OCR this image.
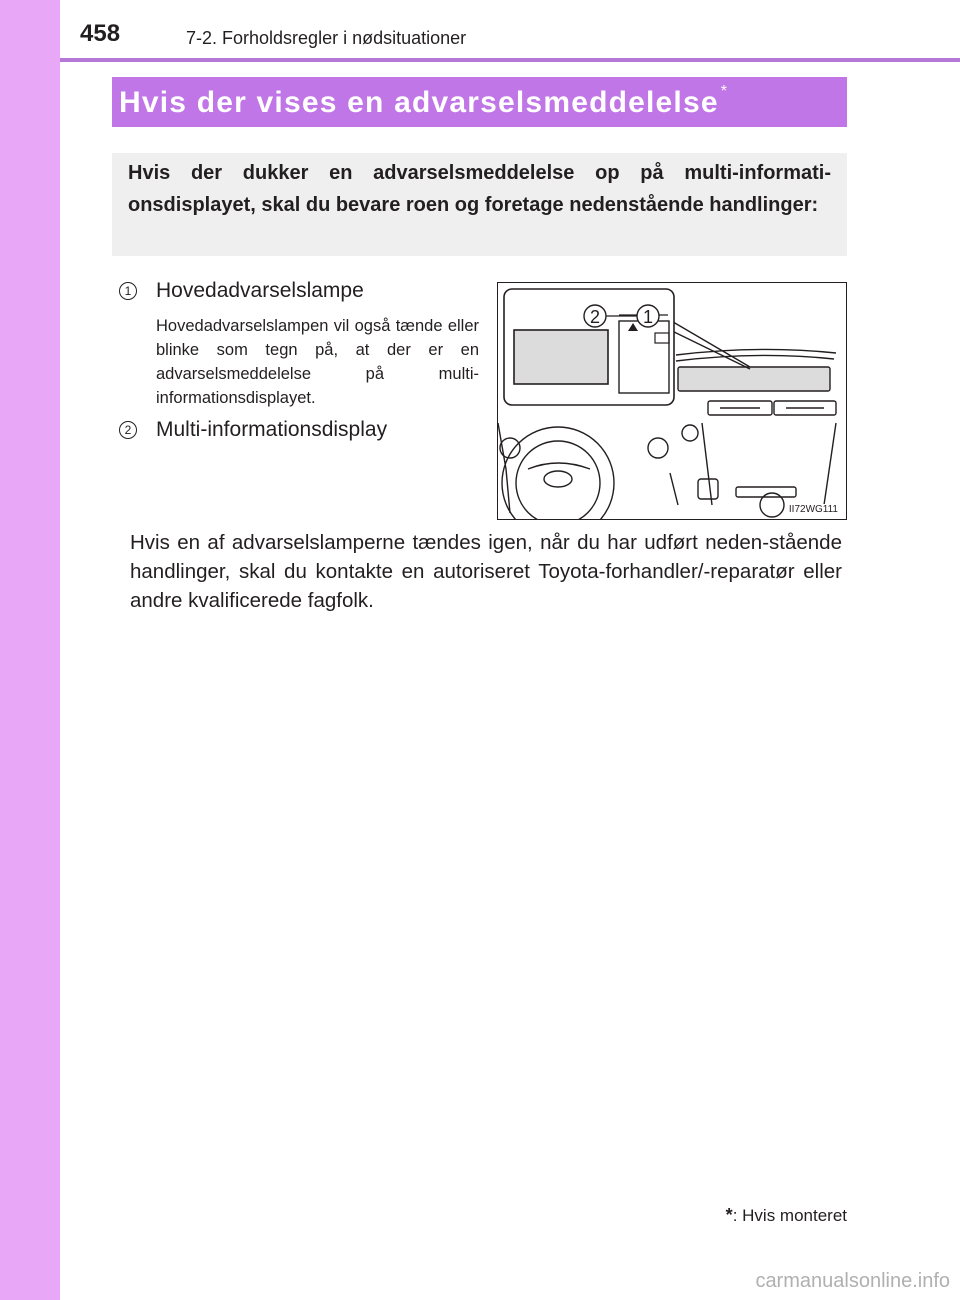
458	7-2. Forholdsregler i nødsituationer
Hvis der vises en advarselsmeddelelse *
Hvis der dukker en advarselsmeddelelse op på multi-informati-onsdisplayet, skal du bevare roen og foretage nedenstående handlinger:
1 Hovedadvarselslampe
Hovedadvarselslampen vil også tænde eller blinke som tegn på, at der er en advarselsmeddelelse på multi-informationsdisplayet.
2 Multi-informationsdisplay
2 1
II72WG111
Hvis en af advarselslamperne tændes igen, når du har udført neden-stående handlinger, skal du kontakte en autoriseret Toyota-forhandler/-reparatør eller andre kvalificerede fagfolk.
*: Hvis monteret
carmanualsonline.info
